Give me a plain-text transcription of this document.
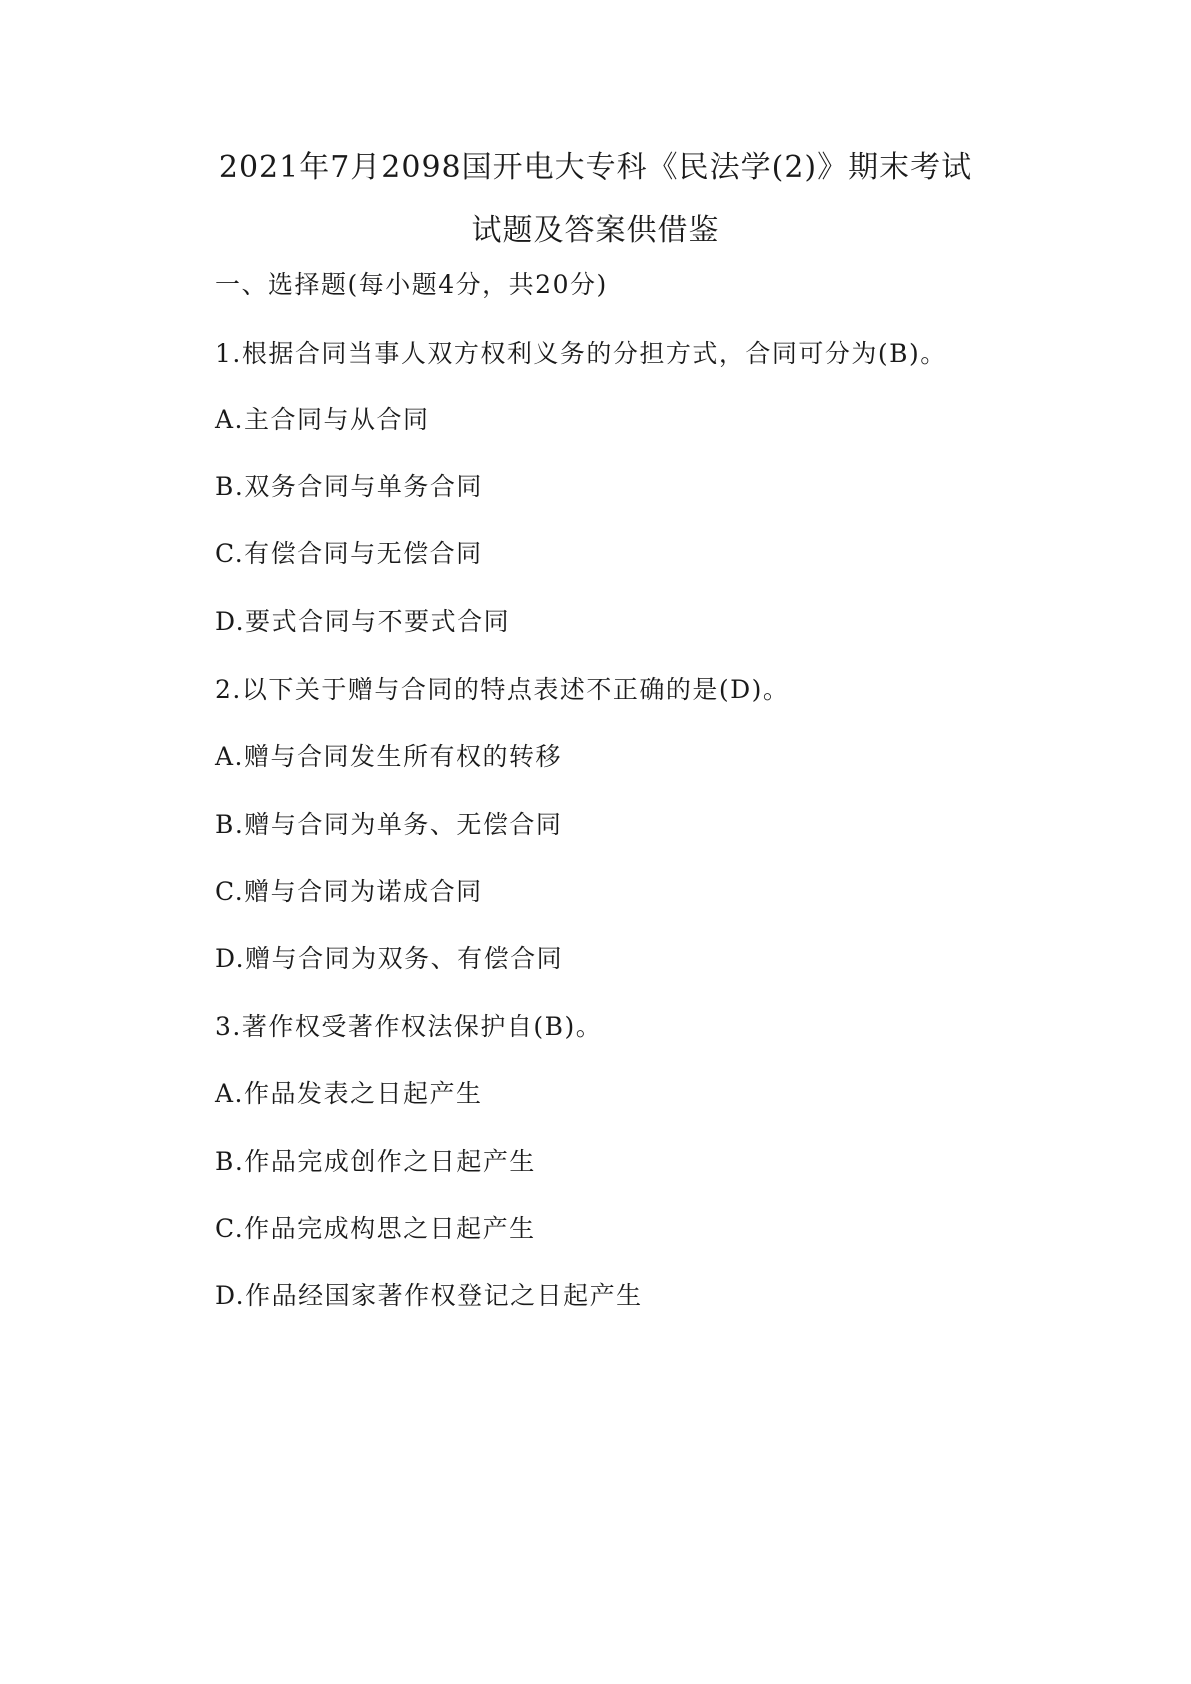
2021年7月2098国开电大专科《民法学(2)》期末考试
试题及答案供借鉴

一、选择题(每小题4分，共20分)

1.根据合同当事人双方权利义务的分担方式，合同可分为(B)。

A.主合同与从合同

B.双务合同与单务合同

C.有偿合同与无偿合同

D.要式合同与不要式合同

2.以下关于赠与合同的特点表述不正确的是(D)。

A.赠与合同发生所有权的转移

B.赠与合同为单务、无偿合同

C.赠与合同为诺成合同

D.赠与合同为双务、有偿合同

3.著作权受著作权法保护自(B)。

A.作品发表之日起产生

B.作品完成创作之日起产生

C.作品完成构思之日起产生

D.作品经国家著作权登记之日起产生
